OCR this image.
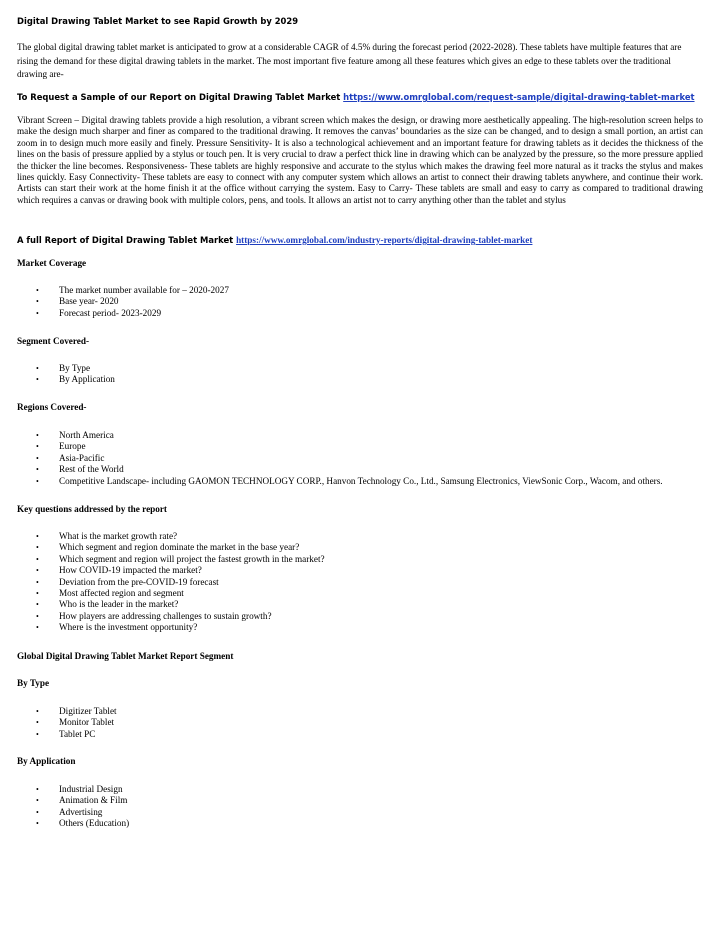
Digital Drawing Tablet Market to see Rapid Growth by 2029

The global digital drawing tablet market is anticipated to grow at a considerable CAGR of 4.5% during the forecast period (2022-2028). These tablets have multiple features that are rising the demand for these digital drawing tablets in the market. The most important five feature among all these features which gives an edge to these tablets over the traditional drawing are-

To Request a Sample of our Report on Digital Drawing Tablet Market https://www.omrglobal.com/request-sample/digital-drawing-tablet-market

Vibrant Screen – Digital drawing tablets provide a high resolution, a vibrant screen which makes the design, or drawing more aesthetically appealing. The high-resolution screen helps to make the design much sharper and finer as compared to the traditional drawing. It removes the canvas’ boundaries as the size can be changed, and to design a small portion, an artist can zoom in to design much more easily and finely. Pressure Sensitivity- It is also a technological achievement and an important feature for drawing tablets as it decides the thickness of the lines on the basis of pressure applied by a stylus or touch pen. It is very crucial to draw a perfect thick line in drawing which can be analyzed by the pressure, so the more pressure applied the thicker the line becomes. Responsiveness- These tablets are highly responsive and accurate to the stylus which makes the drawing feel more natural as it tracks the stylus and makes lines quickly. Easy Connectivity- These tablets are easy to connect with any computer system which allows an artist to connect their drawing tablets anywhere, and continue their work. Artists can start their work at the home finish it at the office without carrying the system. Easy to Carry- These tablets are small and easy to carry as compared to traditional drawing which requires a canvas or drawing book with multiple colors, pens, and tools. It allows an artist not to carry anything other than the tablet and stylus

A full Report of Digital Drawing Tablet Market https://www.omrglobal.com/industry-reports/digital-drawing-tablet-market

Market Coverage

• The market number available for – 2020-2027
• Base year- 2020
• Forecast period- 2023-2029

Segment Covered-

• By Type
• By Application

Regions Covered-

• North America
• Europe
• Asia-Pacific
• Rest of the World
• Competitive Landscape- including GAOMON TECHNOLOGY CORP., Hanvon Technology Co., Ltd., Samsung Electronics, ViewSonic Corp., Wacom, and others.

Key questions addressed by the report

• What is the market growth rate?
• Which segment and region dominate the market in the base year?
• Which segment and region will project the fastest growth in the market?
• How COVID-19 impacted the market?
• Deviation from the pre-COVID-19 forecast
• Most affected region and segment
• Who is the leader in the market?
• How players are addressing challenges to sustain growth?
• Where is the investment opportunity?

Global Digital Drawing Tablet Market Report Segment

By Type

• Digitizer Tablet
• Monitor Tablet
• Tablet PC

By Application

• Industrial Design
• Animation & Film
• Advertising
• Others (Education)
